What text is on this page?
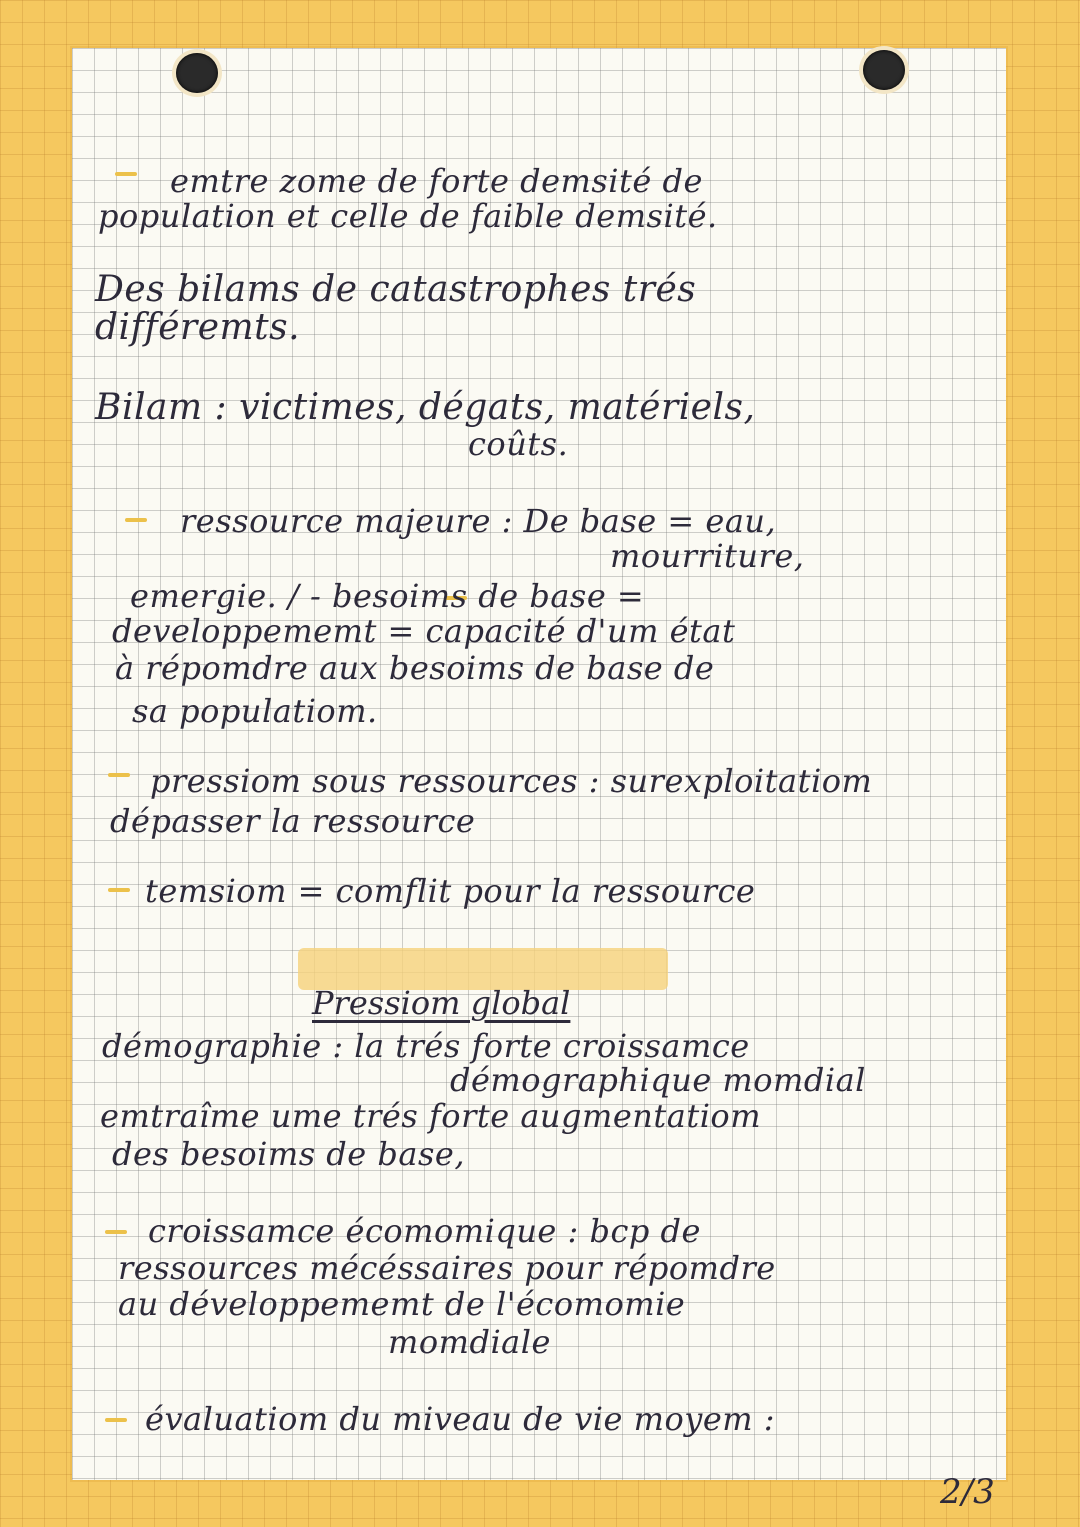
emtre zome de forte demsité de

population et celle de faible demsité.

Des bilams de catastrophes trés

différemts.

Bilam : victimes, dégats, matériels,

coûts.

ressource majeure : De base = eau,

mourriture,

emergie. / - besoims de base =

developpememt = capacité d'um état

à répomdre aux besoims de base de

sa populatiom.

pressiom sous ressources : surexploitatiom

dépasser la ressource

temsiom = comflit pour la ressource

Pressiom global

démographie : la trés forte croissamce

démographique momdial

emtraîme ume trés forte augmentatiom

des besoims de base,

croissamce écomomique : bcp de

ressources mécéssaires pour répomdre

au développememt de l'écomomie

momdiale

évaluatiom du miveau de vie moyem :

2/3
